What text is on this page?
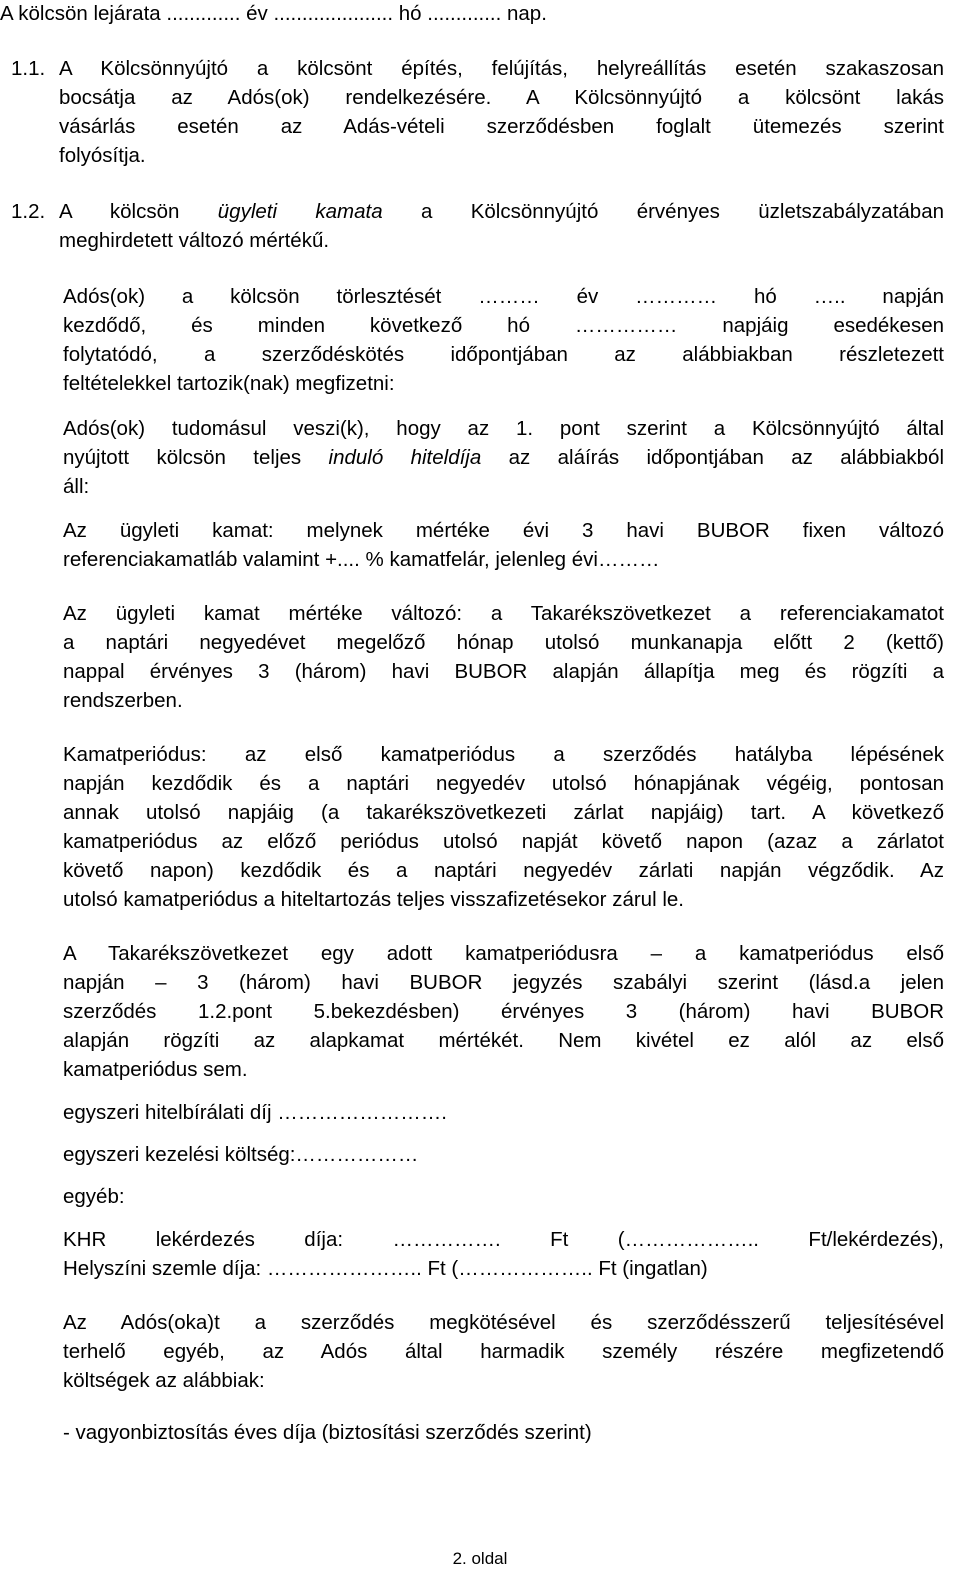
A kölcsön lejárata ............. év ..................... hó ............. nap.
1.1. A Kölcsönnyújtó a kölcsönt építés, felújítás, helyreállítás esetén szakaszosan
bocsátja az Adós(ok) rendelkezésére. A Kölcsönnyújtó a kölcsönt lakás
vásárlás esetén az Adás-vételi szerződésben foglalt ütemezés szerint
folyósítja.
1.2. A kölcsön ügyleti kamata a Kölcsönnyújtó érvényes üzletszabályzatában
meghirdetett változó mértékű.
Adós(ok) a kölcsön törlesztését ……… év ………… hó ….. napján
kezdődő, és minden következő hó …………… napjáig esedékesen
folytatódó, a szerződéskötés időpontjában az alábbiakban részletezett
feltételekkel tartozik(nak) megfizetni:
Adós(ok) tudomásul veszi(k), hogy az 1. pont szerint a Kölcsönnyújtó által
nyújtott kölcsön teljes induló hiteldíja az aláírás időpontjában az alábbiakból
áll:
Az ügyleti kamat: melynek mértéke évi 3 havi BUBOR fixen változó
referenciakamatláb valamint +.... % kamatfelár, jelenleg évi………
Az ügyleti kamat mértéke változó: a Takarékszövetkezet a referenciakamatot
a naptári negyedévet megelőző hónap utolsó munkanapja előtt 2 (kettő)
nappal érvényes 3 (három) havi BUBOR alapján állapítja meg és rögzíti a
rendszerben.
Kamatperiódus: az első kamatperiódus a szerződés hatályba lépésének
napján kezdődik és a naptári negyedév utolsó hónapjának végéig, pontosan
annak utolsó napjáig (a takarékszövetkezeti zárlat napjáig) tart. A következő
kamatperiódus az előző periódus utolsó napját követő napon (azaz a zárlatot
követő napon) kezdődik és a naptári negyedév zárlati napján végződik. Az
utolsó kamatperiódus a hiteltartozás teljes visszafizetésekor zárul le.
A Takarékszövetkezet egy adott kamatperiódusra – a kamatperiódus első
napján – 3 (három) havi BUBOR jegyzés szabályi szerint (lásd.a jelen
szerződés 1.2.pont 5.bekezdésben) érvényes 3 (három) havi BUBOR
alapján rögzíti az alapkamat mértékét. Nem kivétel ez alól az első
kamatperiódus sem.
egyszeri hitelbírálati díj …………………….
egyszeri kezelési költség:………………
egyéb:
KHR lekérdezés díja: ……………. Ft (……………….. Ft/lekérdezés),
Helyszíni szemle díja: ………………….. Ft (……………….. Ft (ingatlan)
Az Adós(oka)t a szerződés megkötésével és szerződésszerű teljesítésével
terhelő egyéb, az Adós által harmadik személy részére megfizetendő
költségek az alábbiak:
- vagyonbiztosítás éves díja (biztosítási szerződés szerint)
2. oldal
